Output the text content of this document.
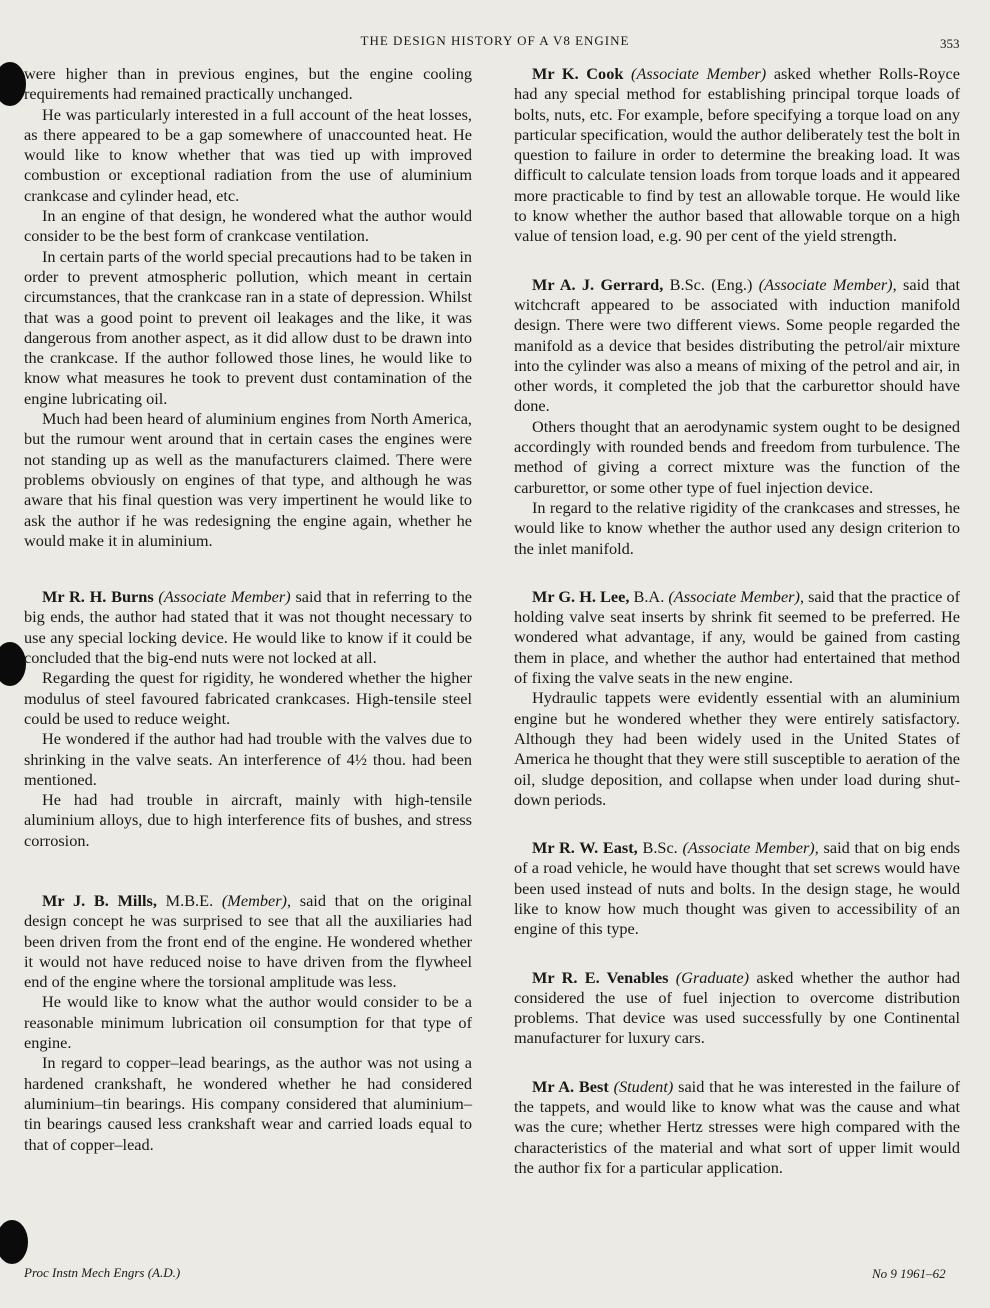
THE DESIGN HISTORY OF A V8 ENGINE	353

were higher than in previous engines, but the engine cooling requirements had remained practically unchanged.

He was particularly interested in a full account of the heat losses, as there appeared to be a gap somewhere of unaccounted heat. He would like to know whether that was tied up with improved combustion or exceptional radiation from the use of aluminium crankcase and cylinder head, etc.

In an engine of that design, he wondered what the author would consider to be the best form of crankcase ventilation.

In certain parts of the world special precautions had to be taken in order to prevent atmospheric pollution, which meant in certain circumstances, that the crankcase ran in a state of depression. Whilst that was a good point to prevent oil leakages and the like, it was dangerous from another aspect, as it did allow dust to be drawn into the crankcase. If the author followed those lines, he would like to know what measures he took to prevent dust contamination of the engine lubricating oil.

Much had been heard of aluminium engines from North America, but the rumour went around that in certain cases the engines were not standing up as well as the manufacturers claimed. There were problems obviously on engines of that type, and although he was aware that his final question was very impertinent he would like to ask the author if he was redesigning the engine again, whether he would make it in aluminium.

Mr R. H. Burns (Associate Member) said that in referring to the big ends, the author had stated that it was not thought necessary to use any special locking device. He would like to know if it could be concluded that the big-end nuts were not locked at all.

Regarding the quest for rigidity, he wondered whether the higher modulus of steel favoured fabricated crankcases. High-tensile steel could be used to reduce weight.

He wondered if the author had had trouble with the valves due to shrinking in the valve seats. An interference of 4½ thou. had been mentioned.

He had had trouble in aircraft, mainly with high-tensile aluminium alloys, due to high interference fits of bushes, and stress corrosion.

Mr J. B. Mills, M.B.E. (Member), said that on the original design concept he was surprised to see that all the auxiliaries had been driven from the front end of the engine. He wondered whether it would not have reduced noise to have driven from the flywheel end of the engine where the torsional amplitude was less.

He would like to know what the author would consider to be a reasonable minimum lubrication oil consumption for that type of engine.

In regard to copper–lead bearings, as the author was not using a hardened crankshaft, he wondered whether he had considered aluminium–tin bearings. His company considered that aluminium–tin bearings caused less crankshaft wear and carried loads equal to that of copper–lead.

Mr K. Cook (Associate Member) asked whether Rolls-Royce had any special method for establishing principal torque loads of bolts, nuts, etc. For example, before specifying a torque load on any particular specification, would the author deliberately test the bolt in question to failure in order to determine the breaking load. It was difficult to calculate tension loads from torque loads and it appeared more practicable to find by test an allowable torque. He would like to know whether the author based that allowable torque on a high value of tension load, e.g. 90 per cent of the yield strength.

Mr A. J. Gerrard, B.Sc. (Eng.) (Associate Member), said that witchcraft appeared to be associated with induction manifold design. There were two different views. Some people regarded the manifold as a device that besides distributing the petrol/air mixture into the cylinder was also a means of mixing of the petrol and air, in other words, it completed the job that the carburettor should have done.

Others thought that an aerodynamic system ought to be designed accordingly with rounded bends and freedom from turbulence. The method of giving a correct mixture was the function of the carburettor, or some other type of fuel injection device.

In regard to the relative rigidity of the crankcases and stresses, he would like to know whether the author used any design criterion to the inlet manifold.

Mr G. H. Lee, B.A. (Associate Member), said that the practice of holding valve seat inserts by shrink fit seemed to be preferred. He wondered what advantage, if any, would be gained from casting them in place, and whether the author had entertained that method of fixing the valve seats in the new engine.

Hydraulic tappets were evidently essential with an aluminium engine but he wondered whether they were entirely satisfactory. Although they had been widely used in the United States of America he thought that they were still susceptible to aeration of the oil, sludge deposition, and collapse when under load during shut-down periods.

Mr R. W. East, B.Sc. (Associate Member), said that on big ends of a road vehicle, he would have thought that set screws would have been used instead of nuts and bolts. In the design stage, he would like to know how much thought was given to accessibility of an engine of this type.

Mr R. E. Venables (Graduate) asked whether the author had considered the use of fuel injection to overcome distribution problems. That device was used successfully by one Continental manufacturer for luxury cars.

Mr A. Best (Student) said that he was interested in the failure of the tappets, and would like to know what was the cause and what was the cure; whether Hertz stresses were high compared with the characteristics of the material and what sort of upper limit would the author fix for a particular application.

Proc Instn Mech Engrs (A.D.)	No 9 1961–62
